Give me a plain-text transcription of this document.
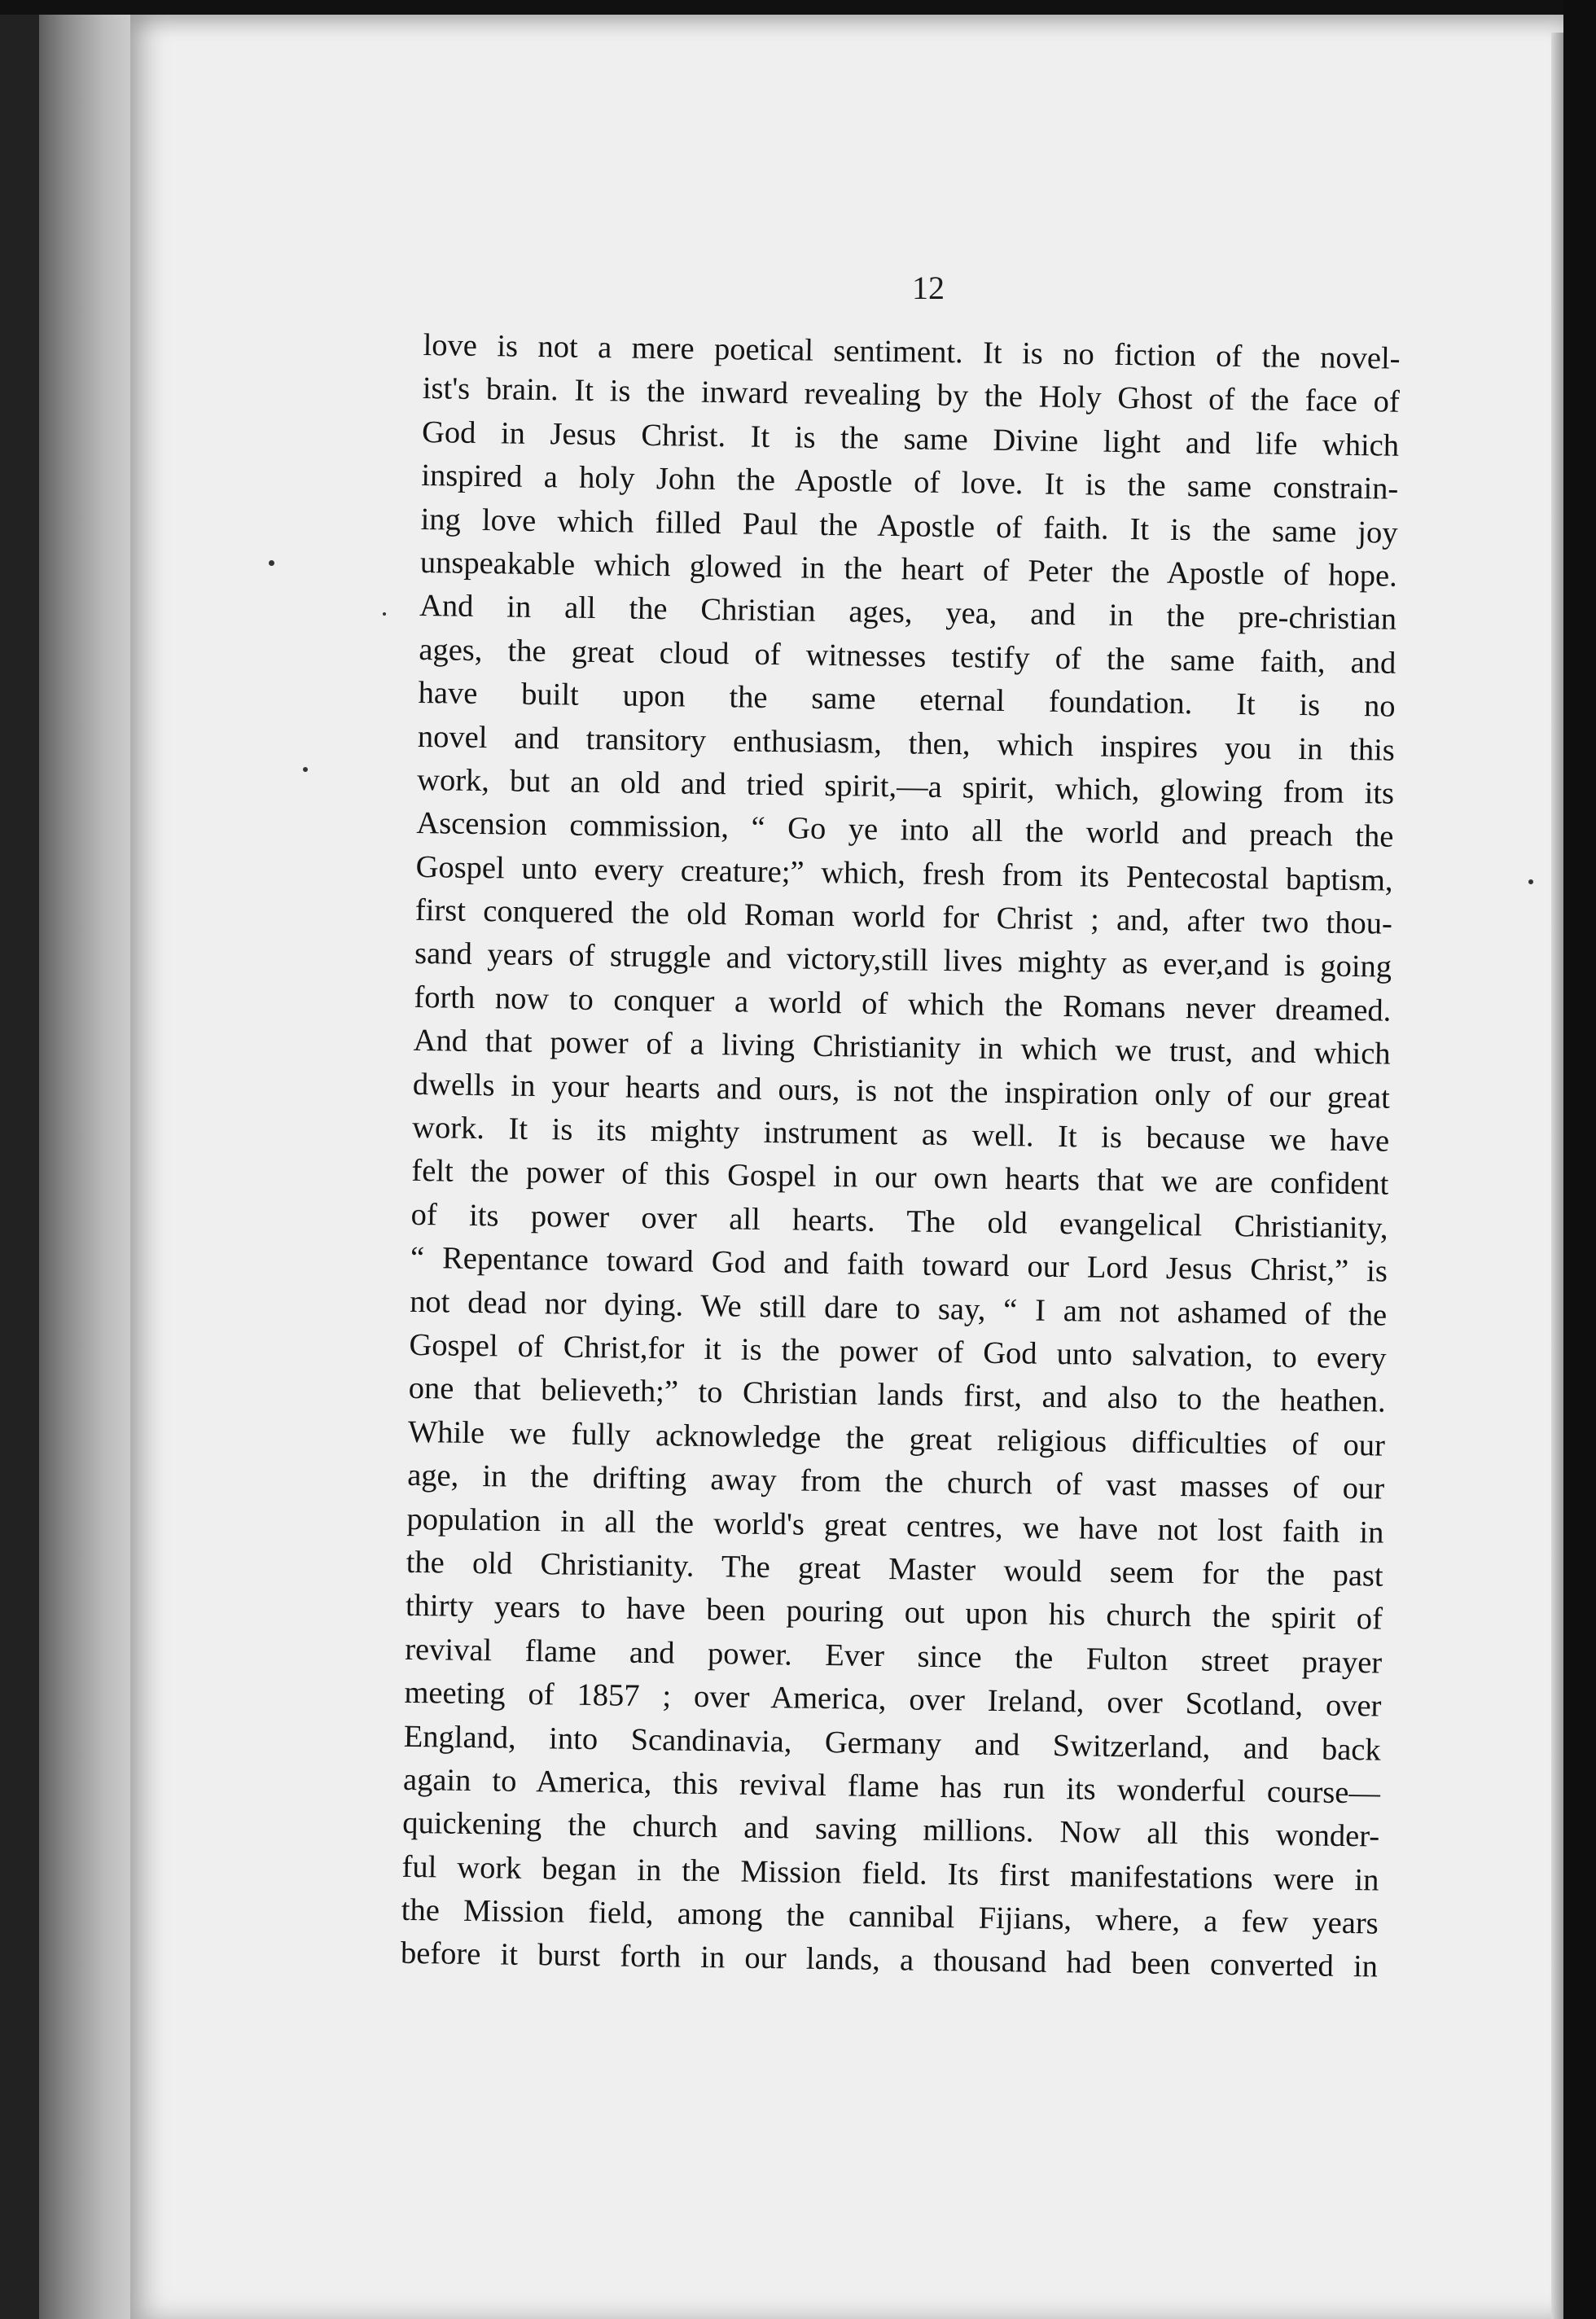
12
love is not a mere poetical sentiment. It is no fiction of the novel-
ist's brain. It is the inward revealing by the Holy Ghost of the face of
God in Jesus Christ. It is the same Divine light and life which
inspired a holy John the Apostle of love. It is the same constrain-
ing love which filled Paul the Apostle of faith. It is the same joy
unspeakable which glowed in the heart of Peter the Apostle of hope.
And in all the Christian ages, yea, and in the pre-christian
ages, the great cloud of witnesses testify of the same faith, and
have built upon the same eternal foundation. It is no
novel and transitory enthusiasm, then, which inspires you in this
work, but an old and tried spirit,—a spirit, which, glowing from its
Ascension commission, “ Go ye into all the world and preach the
Gospel unto every creature;” which, fresh from its Pentecostal baptism,
first conquered the old Roman world for Christ ; and, after two thou-
sand years of struggle and victory,still lives mighty as ever,and is going
forth now to conquer a world of which the Romans never dreamed.
And that power of a living Christianity in which we trust, and which
dwells in your hearts and ours, is not the inspiration only of our great
work. It is its mighty instrument as well. It is because we have
felt the power of this Gospel in our own hearts that we are confident
of its power over all hearts. The old evangelical Christianity,
“ Repentance toward God and faith toward our Lord Jesus Christ,” is
not dead nor dying. We still dare to say, “ I am not ashamed of the
Gospel of Christ,for it is the power of God unto salvation, to every
one that believeth;” to Christian lands first, and also to the heathen.
While we fully acknowledge the great religious difficulties of our
age, in the drifting away from the church of vast masses of our
population in all the world's great centres, we have not lost faith in
the old Christianity. The great Master would seem for the past
thirty years to have been pouring out upon his church the spirit of
revival flame and power. Ever since the Fulton street prayer
meeting of 1857 ; over America, over Ireland, over Scotland, over
England, into Scandinavia, Germany and Switzerland, and back
again to America, this revival flame has run its wonderful course—
quickening the church and saving millions. Now all this wonder-
ful work began in the Mission field. Its first manifestations were in
the Mission field, among the cannibal Fijians, where, a few years
before it burst forth in our lands, a thousand had been converted in
